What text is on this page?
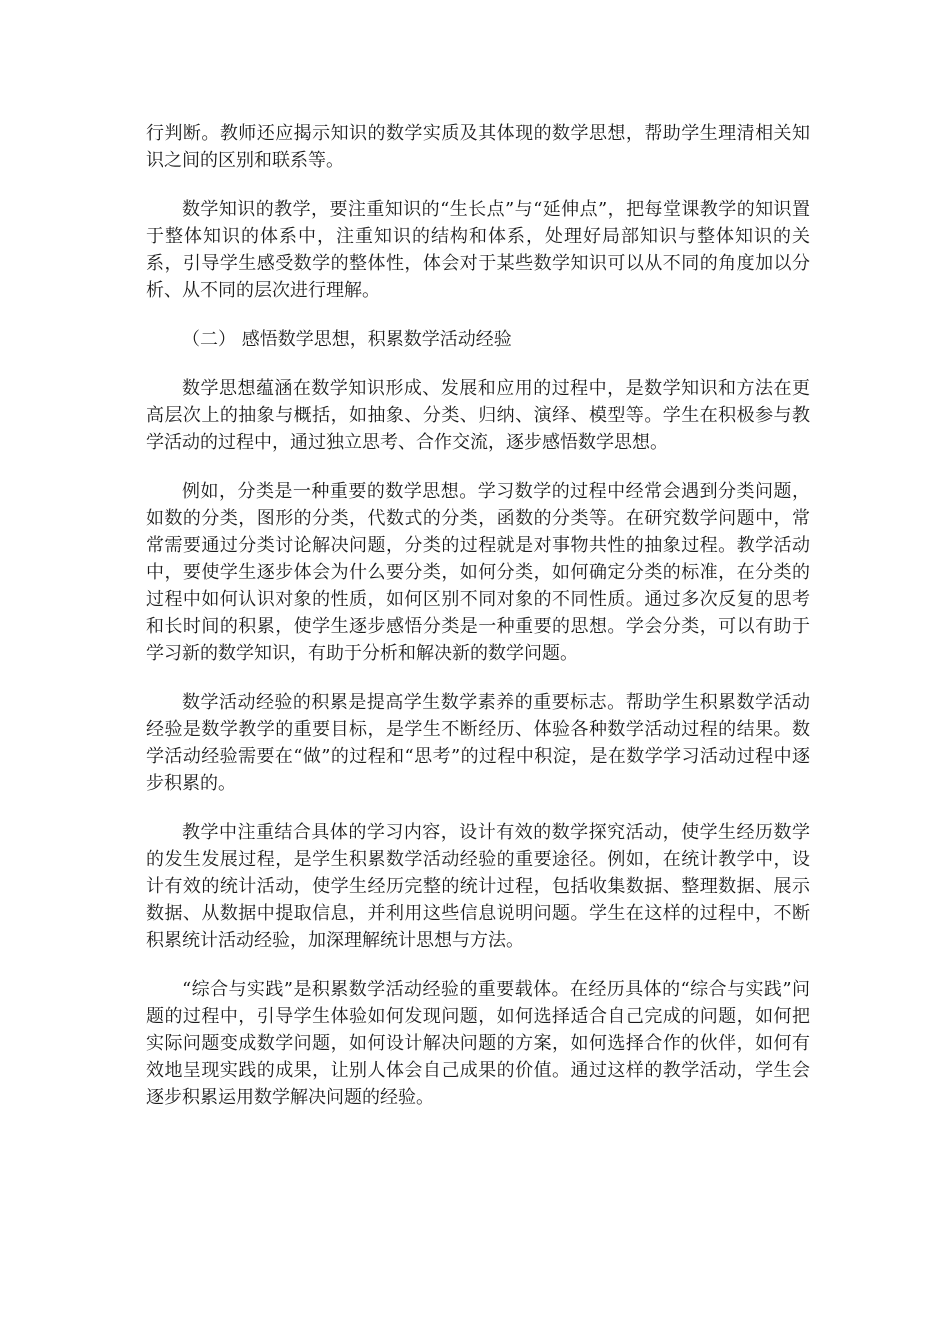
行判断。教师还应揭示知识的数学实质及其体现的数学思想，帮助学生理清相关知识之间的区别和联系等。

数学知识的教学，要注重知识的“生长点”与“延伸点”，把每堂课教学的知识置于整体知识的体系中，注重知识的结构和体系，处理好局部知识与整体知识的关系，引导学生感受数学的整体性，体会对于某些数学知识可以从不同的角度加以分析、从不同的层次进行理解。

（二） 感悟数学思想，积累数学活动经验

数学思想蕴涵在数学知识形成、发展和应用的过程中，是数学知识和方法在更高层次上的抽象与概括，如抽象、分类、归纳、演绎、模型等。学生在积极参与教学活动的过程中，通过独立思考、合作交流，逐步感悟数学思想。

例如，分类是一种重要的数学思想。学习数学的过程中经常会遇到分类问题，如数的分类，图形的分类，代数式的分类，函数的分类等。在研究数学问题中，常常需要通过分类讨论解决问题，分类的过程就是对事物共性的抽象过程。教学活动中，要使学生逐步体会为什么要分类，如何分类，如何确定分类的标准，在分类的过程中如何认识对象的性质，如何区别不同对象的不同性质。通过多次反复的思考和长时间的积累，使学生逐步感悟分类是一种重要的思想。学会分类，可以有助于学习新的数学知识，有助于分析和解决新的数学问题。

数学活动经验的积累是提高学生数学素养的重要标志。帮助学生积累数学活动经验是数学教学的重要目标，是学生不断经历、体验各种数学活动过程的结果。数学活动经验需要在“做”的过程和“思考”的过程中积淀，是在数学学习活动过程中逐步积累的。

教学中注重结合具体的学习内容，设计有效的数学探究活动，使学生经历数学的发生发展过程，是学生积累数学活动经验的重要途径。例如，在统计教学中，设计有效的统计活动，使学生经历完整的统计过程，包括收集数据、整理数据、展示数据、从数据中提取信息，并利用这些信息说明问题。学生在这样的过程中，不断积累统计活动经验，加深理解统计思想与方法。

“综合与实践”是积累数学活动经验的重要载体。在经历具体的“综合与实践”问题的过程中，引导学生体验如何发现问题，如何选择适合自己完成的问题，如何把实际问题变成数学问题，如何设计解决问题的方案，如何选择合作的伙伴，如何有效地呈现实践的成果，让别人体会自己成果的价值。通过这样的教学活动，学生会逐步积累运用数学解决问题的经验。
